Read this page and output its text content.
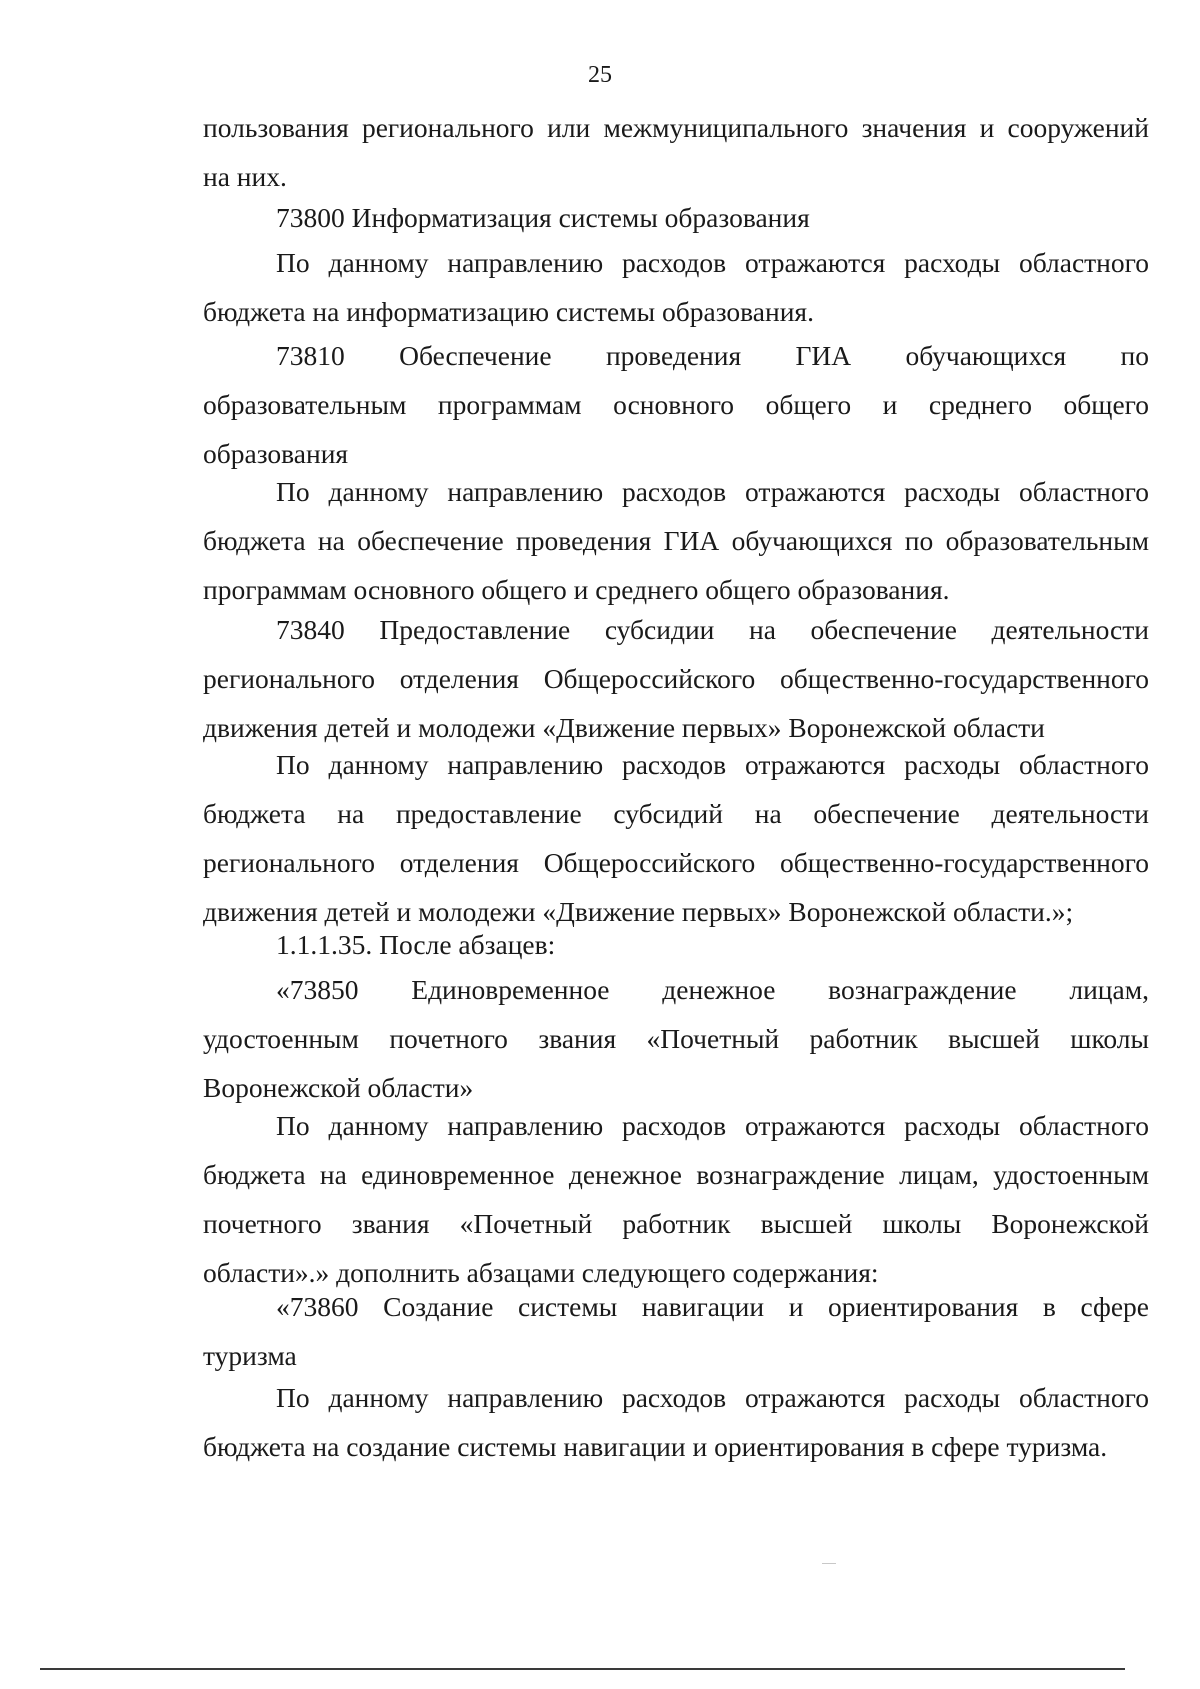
25
пользования регионального или межмуниципального значения и сооружений
на них.
73800 Информатизация системы образования
По данному направлению расходов отражаются расходы областного
бюджета на информатизацию системы образования.
73810 Обеспечение проведения ГИА обучающихся по
образовательным программам основного общего и среднего общего
образования
По данному направлению расходов отражаются расходы областного
бюджета на обеспечение проведения ГИА обучающихся по образовательным
программам основного общего и среднего общего образования.
73840 Предоставление субсидии на обеспечение деятельности
регионального отделения Общероссийского общественно-государственного
движения детей и молодежи «Движение первых» Воронежской области
По данному направлению расходов отражаются расходы областного
бюджета на предоставление субсидий на обеспечение деятельности
регионального отделения Общероссийского общественно-государственного
движения детей и молодежи «Движение первых» Воронежской области.»;
1.1.1.35. После абзацев:
«73850 Единовременное денежное вознаграждение лицам,
удостоенным почетного звания «Почетный работник высшей школы
Воронежской области»
По данному направлению расходов отражаются расходы областного
бюджета на единовременное денежное вознаграждение лицам, удостоенным
почетного звания «Почетный работник высшей школы Воронежской
области».» дополнить абзацами следующего содержания:
«73860 Создание системы навигации и ориентирования в сфере
туризма
По данному направлению расходов отражаются расходы областного
бюджета на создание системы навигации и ориентирования в сфере туризма.
